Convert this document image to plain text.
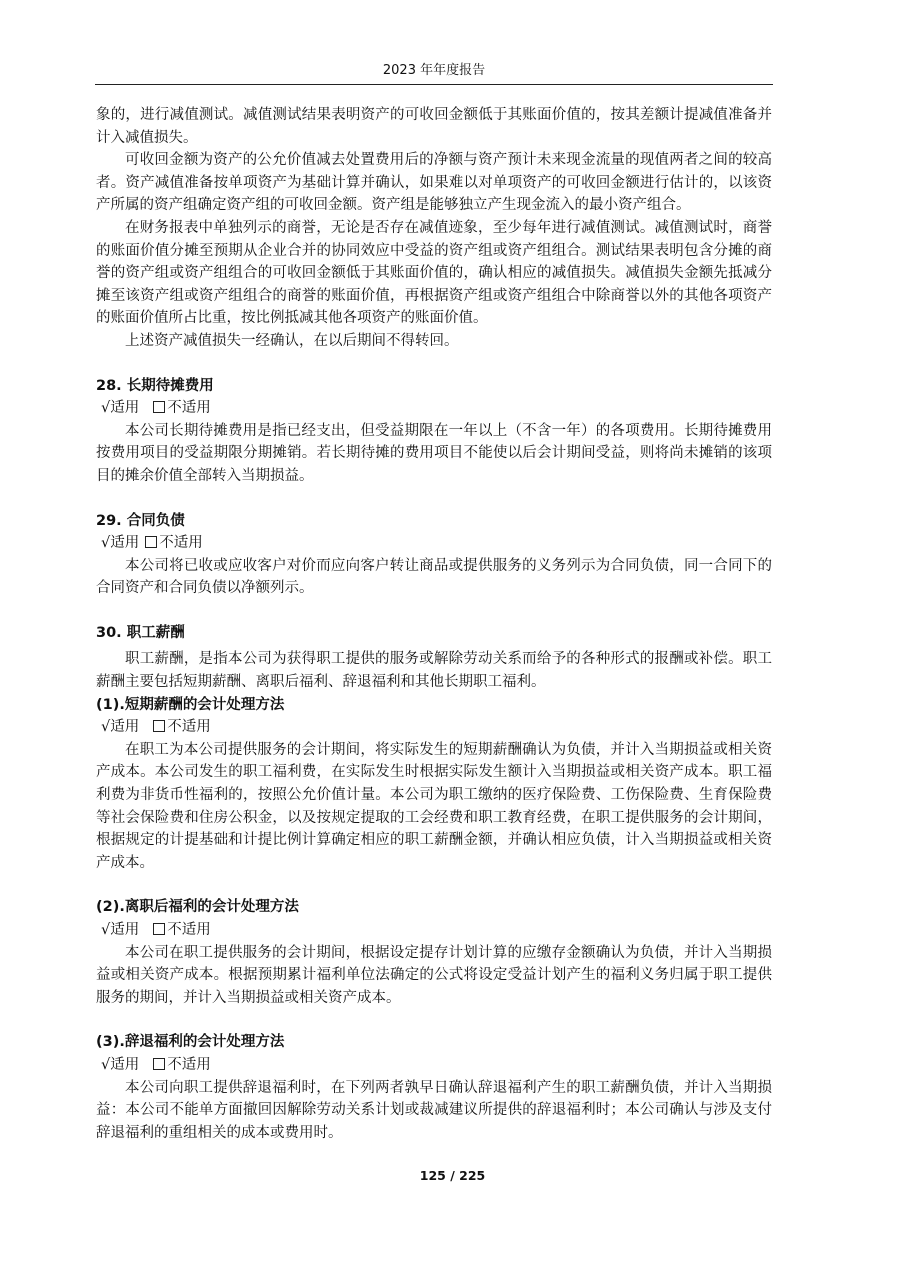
2023 年年度报告

象的，进行减值测试。减值测试结果表明资产的可收回金额低于其账面价值的，按其差额计提减值准备并计入减值损失。

可收回金额为资产的公允价值减去处置费用后的净额与资产预计未来现金流量的现值两者之间的较高者。资产减值准备按单项资产为基础计算并确认，如果难以对单项资产的可收回金额进行估计的，以该资产所属的资产组确定资产组的可收回金额。资产组是能够独立产生现金流入的最小资产组合。

在财务报表中单独列示的商誉，无论是否存在减值迹象，至少每年进行减值测试。减值测试时，商誉的账面价值分摊至预期从企业合并的协同效应中受益的资产组或资产组组合。测试结果表明包含分摊的商誉的资产组或资产组组合的可收回金额低于其账面价值的，确认相应的减值损失。减值损失金额先抵减分摊至该资产组或资产组组合的商誉的账面价值，再根据资产组或资产组组合中除商誉以外的其他各项资产的账面价值所占比重，按比例抵减其他各项资产的账面价值。

上述资产减值损失一经确认，在以后期间不得转回。

28. 长期待摊费用

√适用 不适用

本公司长期待摊费用是指已经支出，但受益期限在一年以上（不含一年）的各项费用。长期待摊费用按费用项目的受益期限分期摊销。若长期待摊的费用项目不能使以后会计期间受益，则将尚未摊销的该项目的摊余价值全部转入当期损益。

29. 合同负债

√适用 不适用

本公司将已收或应收客户对价而应向客户转让商品或提供服务的义务列示为合同负债，同一合同下的合同资产和合同负债以净额列示。

30. 职工薪酬

职工薪酬，是指本公司为获得职工提供的服务或解除劳动关系而给予的各种形式的报酬或补偿。职工薪酬主要包括短期薪酬、离职后福利、辞退福利和其他长期职工福利。

(1).短期薪酬的会计处理方法

√适用 不适用

在职工为本公司提供服务的会计期间，将实际发生的短期薪酬确认为负债，并计入当期损益或相关资产成本。本公司发生的职工福利费，在实际发生时根据实际发生额计入当期损益或相关资产成本。职工福利费为非货币性福利的，按照公允价值计量。本公司为职工缴纳的医疗保险费、工伤保险费、生育保险费等社会保险费和住房公积金，以及按规定提取的工会经费和职工教育经费，在职工提供服务的会计期间，根据规定的计提基础和计提比例计算确定相应的职工薪酬金额，并确认相应负债，计入当期损益或相关资产成本。

(2).离职后福利的会计处理方法

√适用 不适用

本公司在职工提供服务的会计期间，根据设定提存计划计算的应缴存金额确认为负债，并计入当期损益或相关资产成本。根据预期累计福利单位法确定的公式将设定受益计划产生的福利义务归属于职工提供服务的期间，并计入当期损益或相关资产成本。

(3).辞退福利的会计处理方法

√适用 不适用

本公司向职工提供辞退福利时，在下列两者孰早日确认辞退福利产生的职工薪酬负债，并计入当期损益：本公司不能单方面撤回因解除劳动关系计划或裁减建议所提供的辞退福利时；本公司确认与涉及支付辞退福利的重组相关的成本或费用时。

125 / 225
